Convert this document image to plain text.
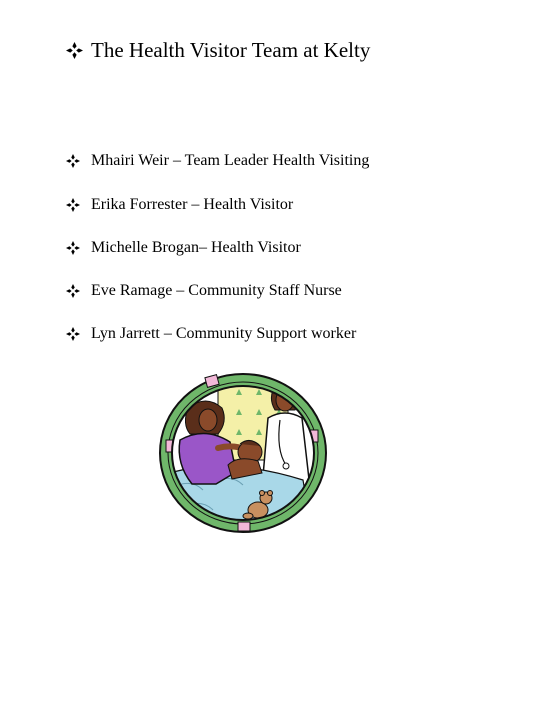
The Health Visitor Team at Kelty
Mhairi Weir – Team Leader Health Visiting
Erika Forrester – Health Visitor
Michelle Brogan– Health Visitor
Eve Ramage – Community Staff Nurse
Lyn Jarrett – Community Support worker
